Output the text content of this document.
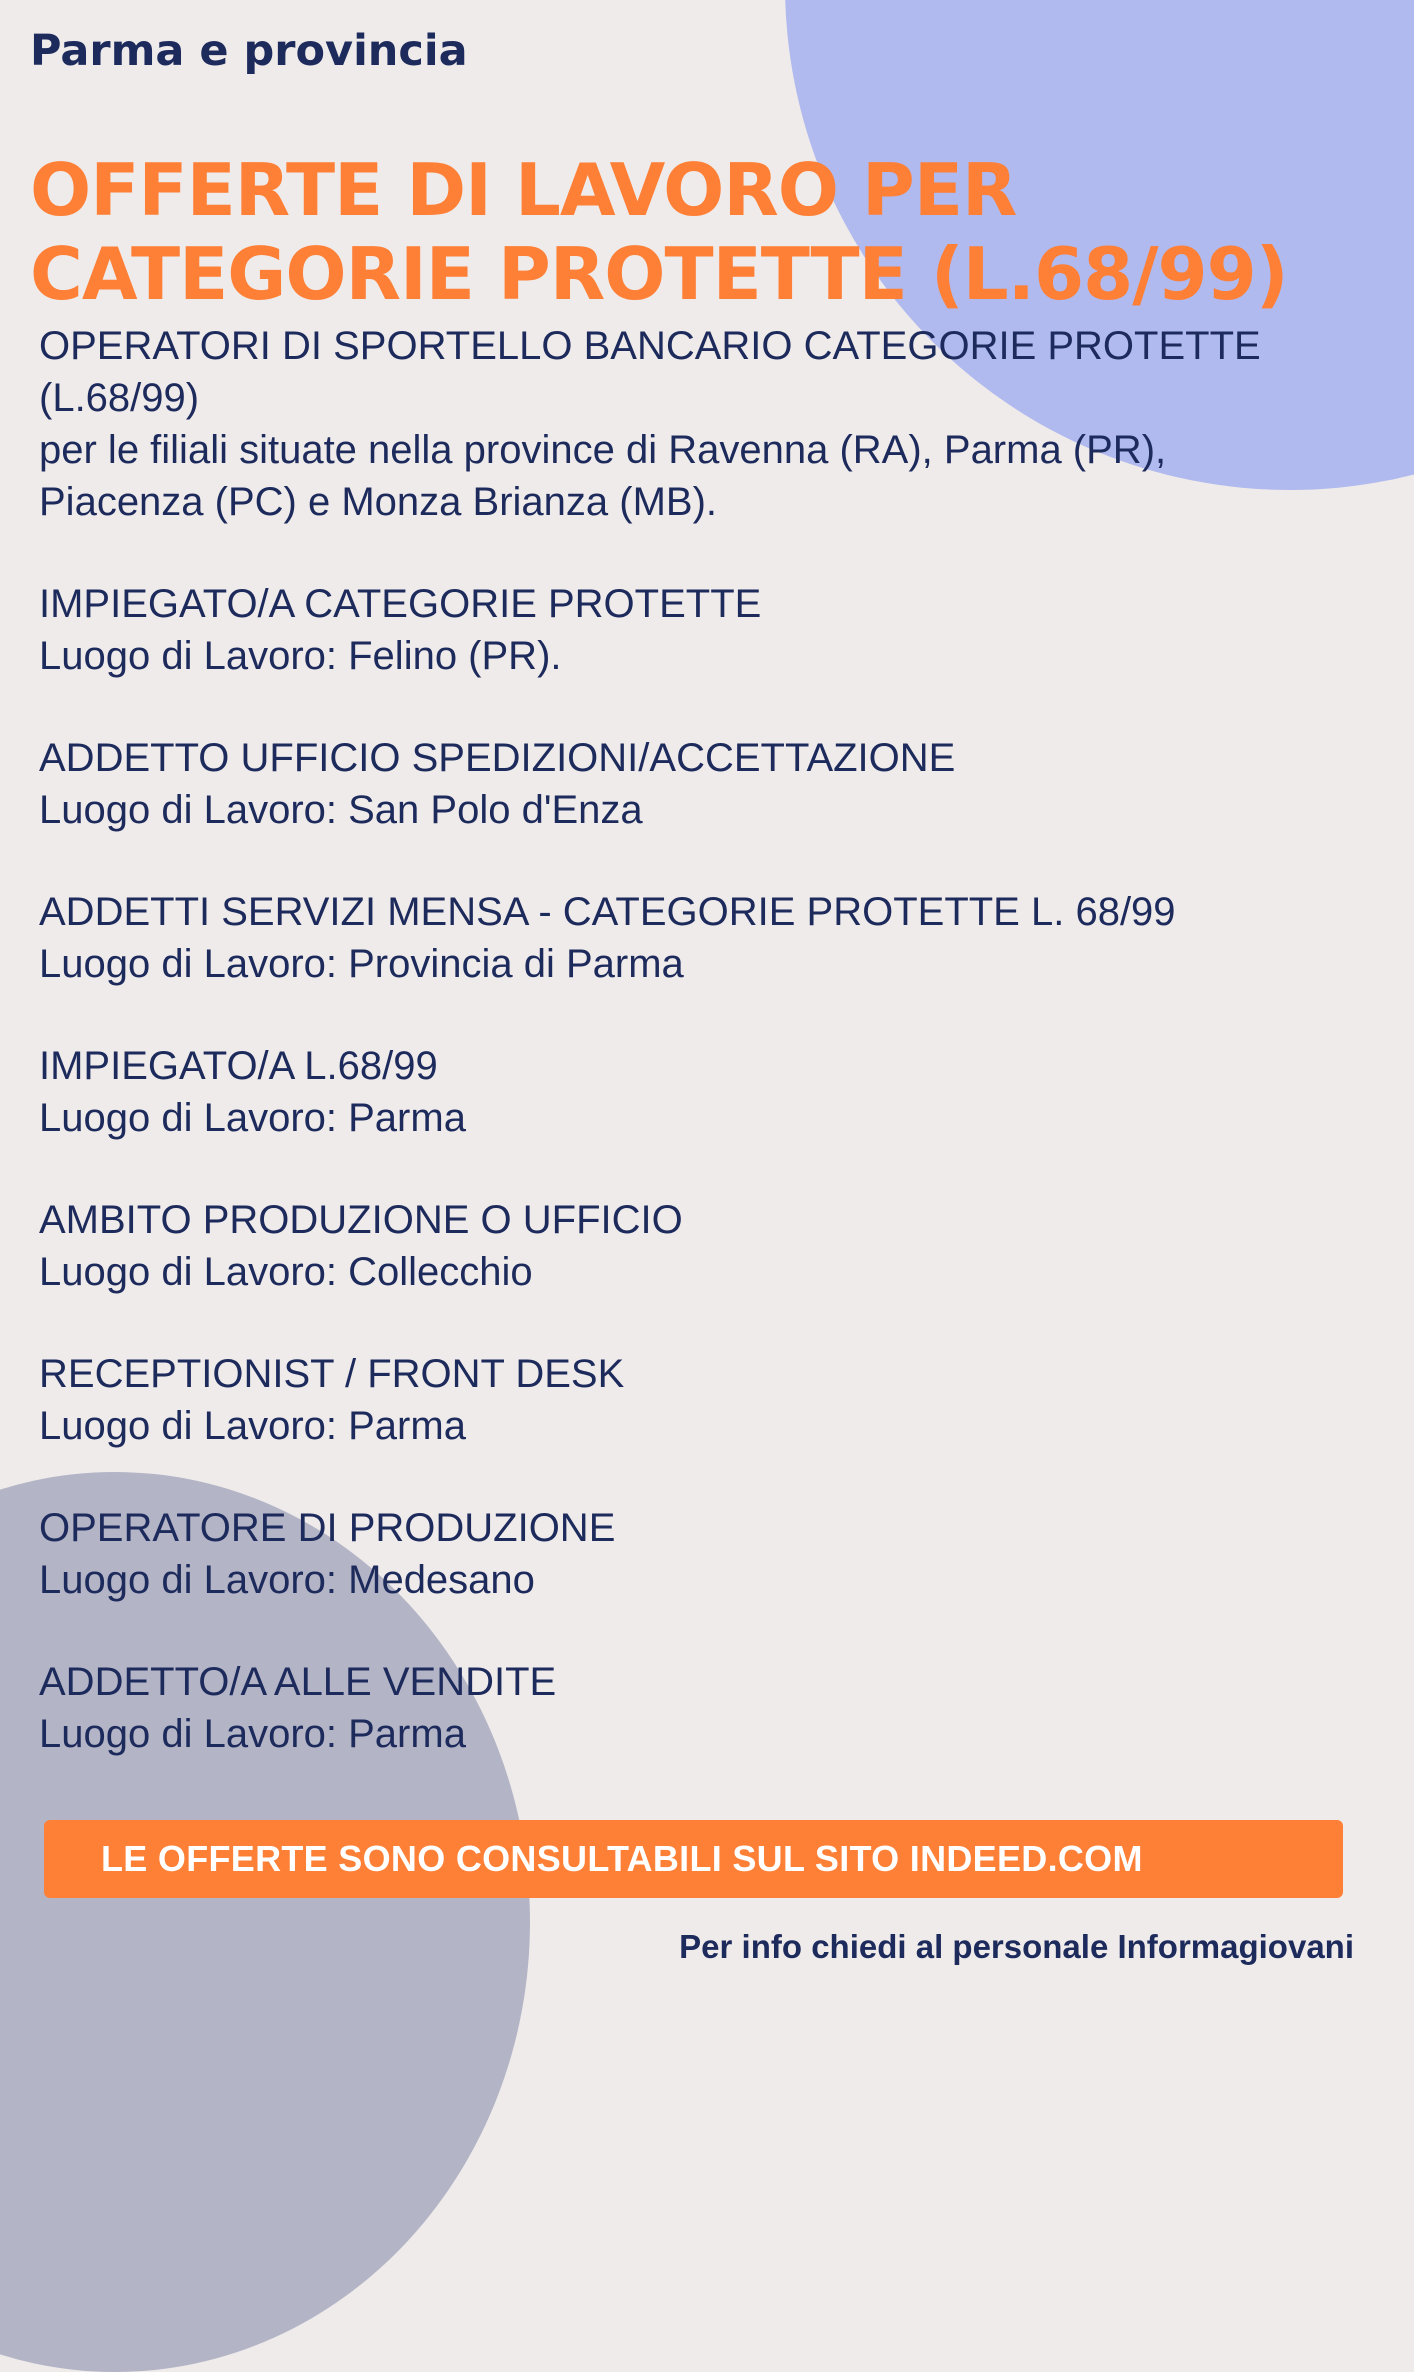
Parma e provincia
OFFERTE DI LAVORO PER
CATEGORIE PROTETTE (L.68/99)
OPERATORI DI SPORTELLO BANCARIO CATEGORIE PROTETTE
(L.68/99)
per le filiali situate nella province di Ravenna (RA), Parma (PR),
Piacenza (PC) e Monza Brianza (MB).
IMPIEGATO/A CATEGORIE PROTETTE
Luogo di Lavoro: Felino (PR).
ADDETTO UFFICIO SPEDIZIONI/ACCETTAZIONE
Luogo di Lavoro: San Polo d'Enza
ADDETTI SERVIZI MENSA - CATEGORIE PROTETTE L. 68/99
Luogo di Lavoro: Provincia di Parma
IMPIEGATO/A L.68/99
Luogo di Lavoro: Parma
AMBITO PRODUZIONE O UFFICIO
Luogo di Lavoro: Collecchio
RECEPTIONIST / FRONT DESK
Luogo di Lavoro: Parma
OPERATORE DI PRODUZIONE
Luogo di Lavoro: Medesano
ADDETTO/A ALLE VENDITE
Luogo di Lavoro: Parma
LE OFFERTE SONO CONSULTABILI SUL SITO INDEED.COM

Per info chiedi al personale Informagiovani
